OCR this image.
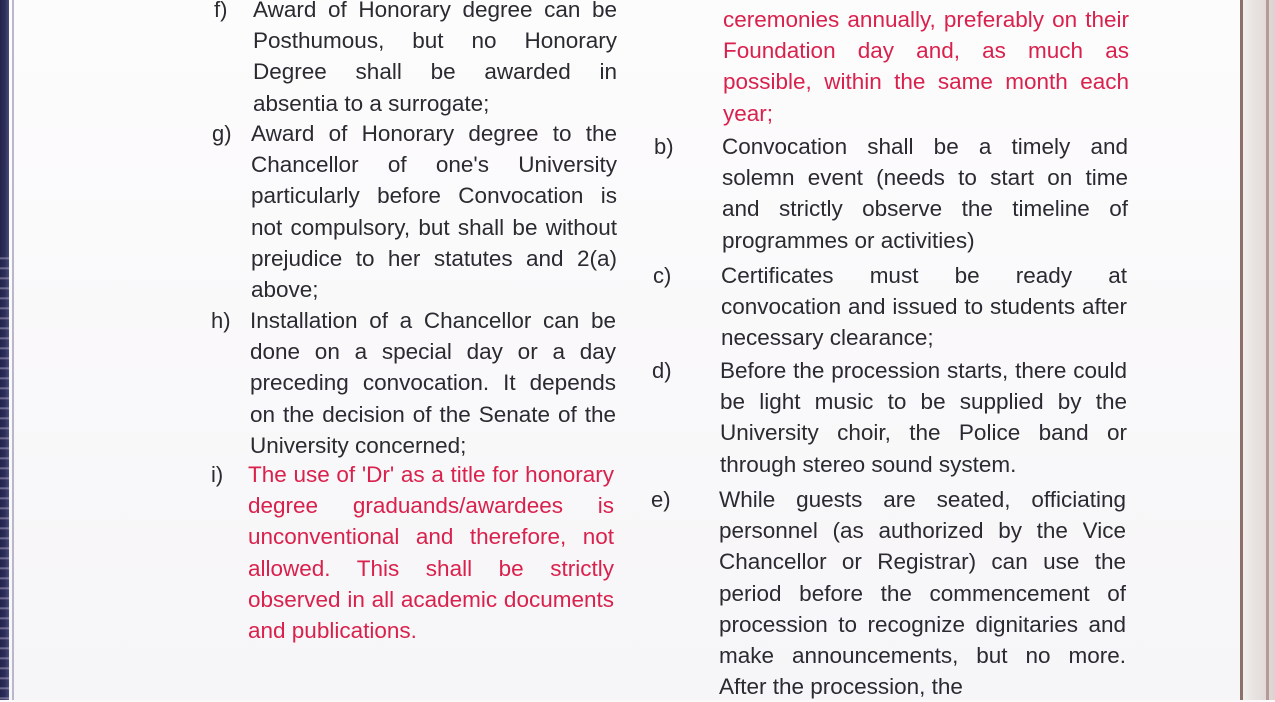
f) Award of Honorary degree can be Posthumous, but no Honorary Degree shall be awarded in absentia to a surrogate;
g) Award of Honorary degree to the Chancellor of one's University particularly before Convocation is not compulsory, but shall be without prejudice to her statutes and 2(a) above;
h) Installation of a Chancellor can be done on a special day or a day preceding convocation. It depends on the decision of the Senate of the University concerned;
i) The use of 'Dr' as a title for honorary degree graduands/awardees is unconventional and therefore, not allowed. This shall be strictly observed in all academic documents and publications.
ceremonies annually, preferably on their Foundation day and, as much as possible, within the same month each year;
b) Convocation shall be a timely and solemn event (needs to start on time and strictly observe the timeline of programmes or activities)
c) Certificates must be ready at convocation and issued to students after necessary clearance;
d) Before the procession starts, there could be light music to be supplied by the University choir, the Police band or through stereo sound system.
e) While guests are seated, officiating personnel (as authorized by the Vice Chancellor or Registrar) can use the period before the commencement of procession to recognize dignitaries and make announcements, but no more. After the procession, the
